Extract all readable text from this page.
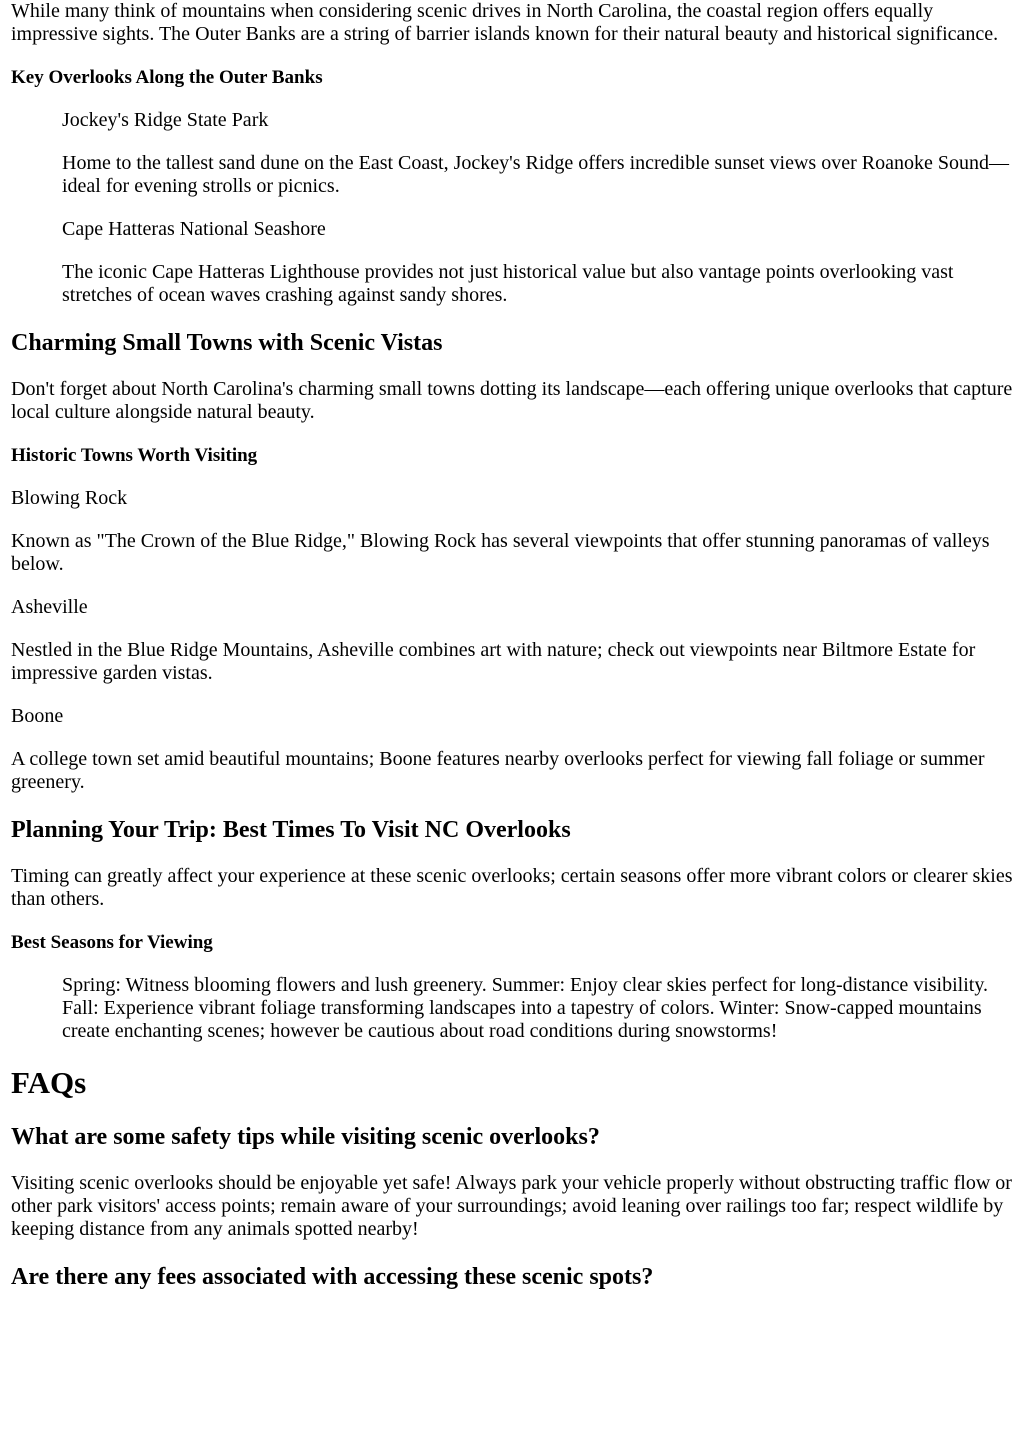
While many think of mountains when considering scenic drives in North Carolina, the coastal region offers equally impressive sights. The Outer Banks are a string of barrier islands known for their natural beauty and historical significance.

Key Overlooks Along the Outer Banks

Jockey's Ridge State Park

Home to the tallest sand dune on the East Coast, Jockey's Ridge offers incredible sunset views over Roanoke Sound—ideal for evening strolls or picnics.

Cape Hatteras National Seashore

The iconic Cape Hatteras Lighthouse provides not just historical value but also vantage points overlooking vast stretches of ocean waves crashing against sandy shores.

Charming Small Towns with Scenic Vistas

Don't forget about North Carolina's charming small towns dotting its landscape—each offering unique overlooks that capture local culture alongside natural beauty.

Historic Towns Worth Visiting

Blowing Rock

Known as "The Crown of the Blue Ridge," Blowing Rock has several viewpoints that offer stunning panoramas of valleys below.

Asheville

Nestled in the Blue Ridge Mountains, Asheville combines art with nature; check out viewpoints near Biltmore Estate for impressive garden vistas.

Boone

A college town set amid beautiful mountains; Boone features nearby overlooks perfect for viewing fall foliage or summer greenery.

Planning Your Trip: Best Times To Visit NC Overlooks

Timing can greatly affect your experience at these scenic overlooks; certain seasons offer more vibrant colors or clearer skies than others.

Best Seasons for Viewing

Spring: Witness blooming flowers and lush greenery. Summer: Enjoy clear skies perfect for long-distance visibility. Fall: Experience vibrant foliage transforming landscapes into a tapestry of colors. Winter: Snow-capped mountains create enchanting scenes; however be cautious about road conditions during snowstorms!

FAQs
What are some safety tips while visiting scenic overlooks?

Visiting scenic overlooks should be enjoyable yet safe! Always park your vehicle properly without obstructing traffic flow or other park visitors' access points; remain aware of your surroundings; avoid leaning over railings too far; respect wildlife by keeping distance from any animals spotted nearby!

Are there any fees associated with accessing these scenic spots?
